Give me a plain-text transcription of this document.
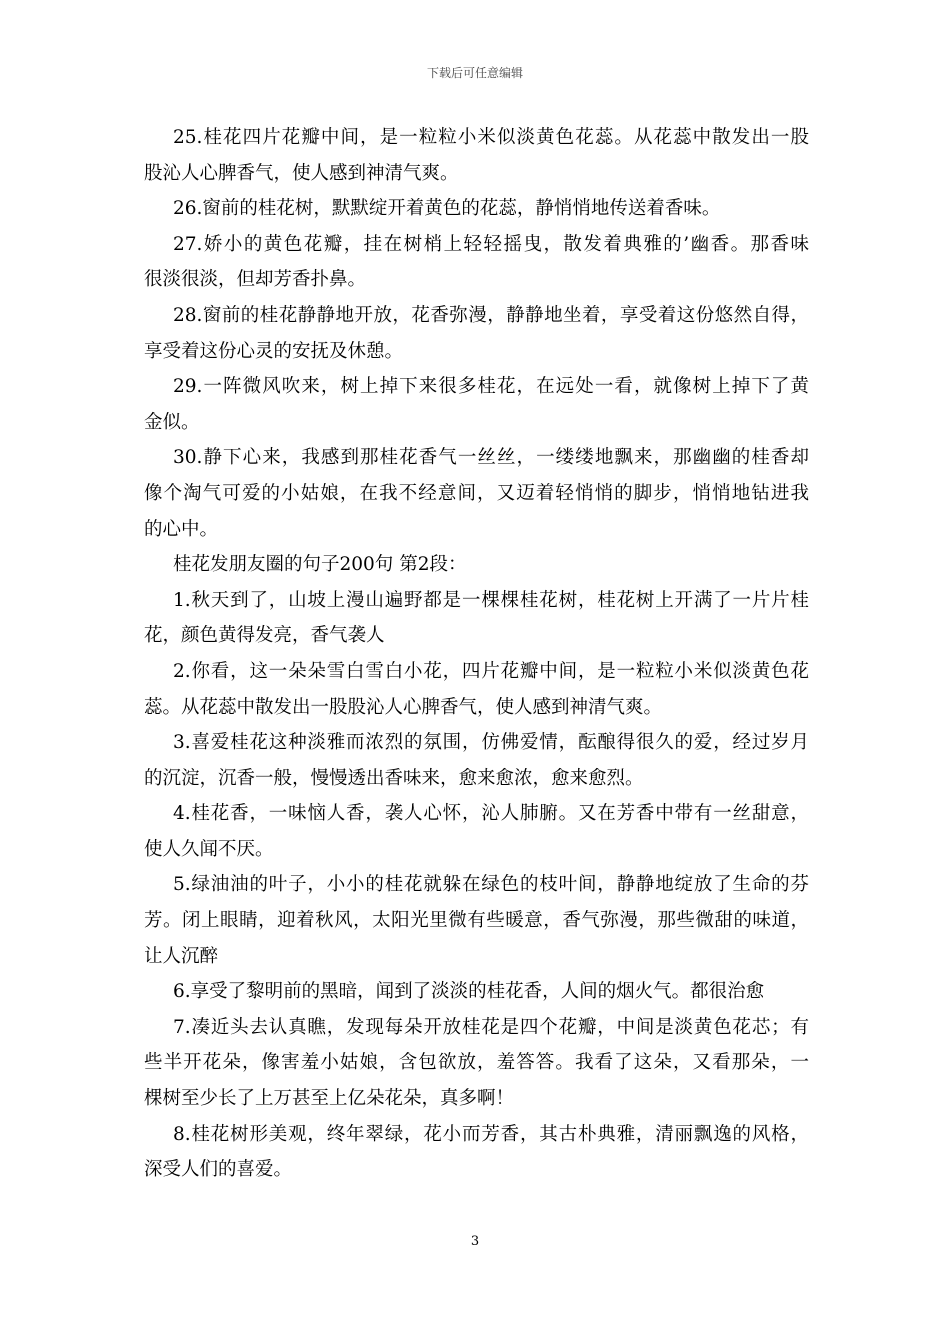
下载后可任意编辑
25.桂花四片花瓣中间，是一粒粒小米似淡黄色花蕊。从花蕊中散发出一股
股沁人心脾香气，使人感到神清气爽。
26.窗前的桂花树，默默绽开着黄色的花蕊，静悄悄地传送着香味。
27.娇小的黄色花瓣，挂在树梢上轻轻摇曳，散发着典雅的’幽香。那香味
很淡很淡，但却芳香扑鼻。
28.窗前的桂花静静地开放，花香弥漫，静静地坐着，享受着这份悠然自得，
享受着这份心灵的安抚及休憩。
29.一阵微风吹来，树上掉下来很多桂花，在远处一看，就像树上掉下了黄
金似。
30.静下心来，我感到那桂花香气一丝丝，一缕缕地飘来，那幽幽的桂香却
像个淘气可爱的小姑娘，在我不经意间，又迈着轻悄悄的脚步，悄悄地钻进我
的心中。
桂花发朋友圈的句子200句 第2段：
1.秋天到了，山坡上漫山遍野都是一棵棵桂花树，桂花树上开满了一片片桂
花，颜色黄得发亮，香气袭人
2.你看，这一朵朵雪白雪白小花，四片花瓣中间，是一粒粒小米似淡黄色花
蕊。从花蕊中散发出一股股沁人心脾香气，使人感到神清气爽。
3.喜爱桂花这种淡雅而浓烈的氛围，仿佛爱情，酝酿得很久的爱，经过岁月
的沉淀，沉香一般，慢慢透出香味来，愈来愈浓，愈来愈烈。
4.桂花香，一味恼人香，袭人心怀，沁人肺腑。又在芳香中带有一丝甜意，
使人久闻不厌。
5.绿油油的叶子，小小的桂花就躲在绿色的枝叶间，静静地绽放了生命的芬
芳。闭上眼睛，迎着秋风，太阳光里微有些暖意，香气弥漫，那些微甜的味道，
让人沉醉
6.享受了黎明前的黑暗，闻到了淡淡的桂花香，人间的烟火气。都很治愈
7.凑近头去认真瞧，发现每朵开放桂花是四个花瓣，中间是淡黄色花芯；有
些半开花朵，像害羞小姑娘，含包欲放，羞答答。我看了这朵，又看那朵，一
棵树至少长了上万甚至上亿朵花朵，真多啊！
8.桂花树形美观，终年翠绿，花小而芳香，其古朴典雅，清丽飘逸的风格，
深受人们的喜爱。
3
